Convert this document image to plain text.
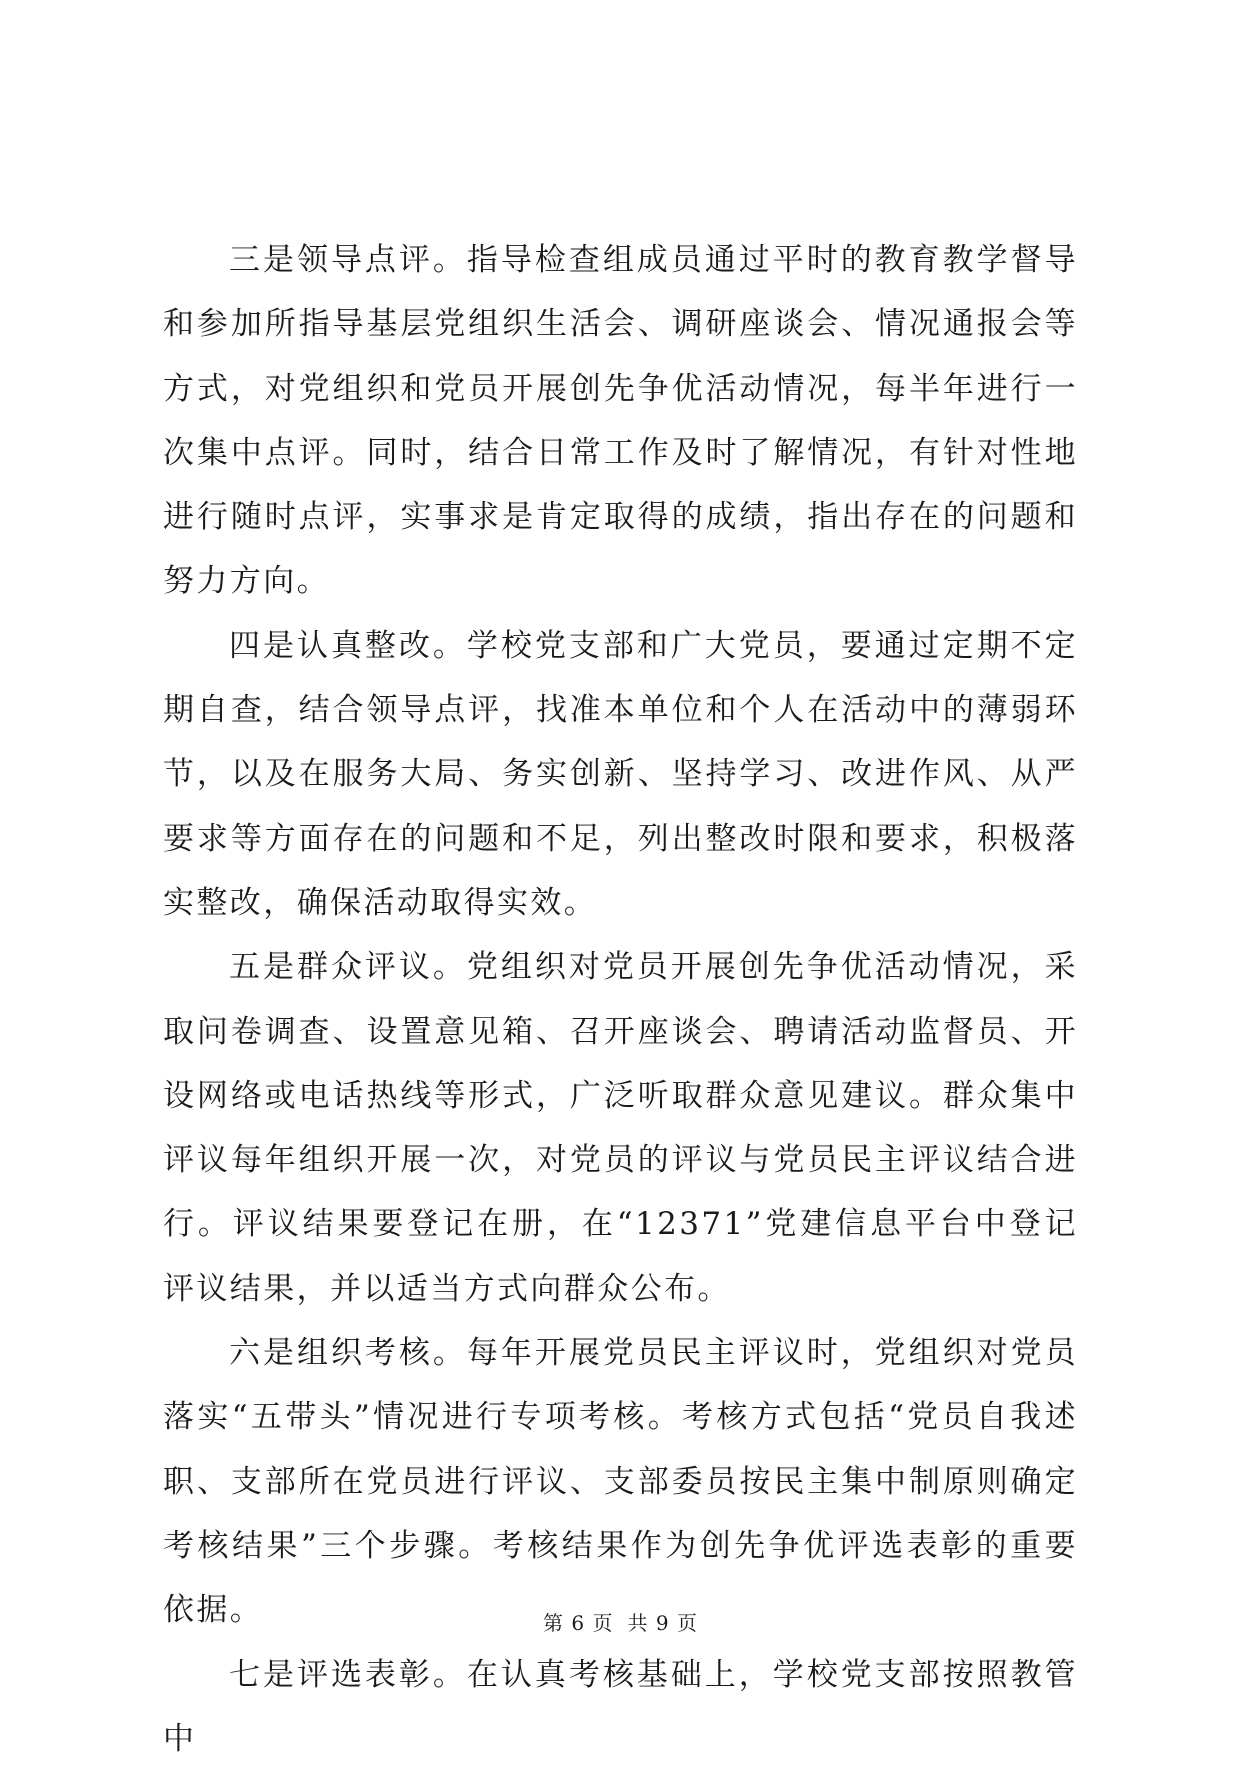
三是领导点评。指导检查组成员通过平时的教育教学督导和参加所指导基层党组织生活会、调研座谈会、情况通报会等方式，对党组织和党员开展创先争优活动情况，每半年进行一次集中点评。同时，结合日常工作及时了解情况，有针对性地进行随时点评，实事求是肯定取得的成绩，指出存在的问题和努力方向。

四是认真整改。学校党支部和广大党员，要通过定期不定期自查，结合领导点评，找准本单位和个人在活动中的薄弱环节，以及在服务大局、务实创新、坚持学习、改进作风、从严要求等方面存在的问题和不足，列出整改时限和要求，积极落实整改，确保活动取得实效。

五是群众评议。党组织对党员开展创先争优活动情况，采取问卷调查、设置意见箱、召开座谈会、聘请活动监督员、开设网络或电话热线等形式，广泛听取群众意见建议。群众集中评议每年组织开展一次，对党员的评议与党员民主评议结合进行。评议结果要登记在册，在“12371”党建信息平台中登记评议结果，并以适当方式向群众公布。

六是组织考核。每年开展党员民主评议时，党组织对党员落实“五带头”情况进行专项考核。考核方式包括“党员自我述职、支部所在党员进行评议、支部委员按民主集中制原则确定考核结果”三个步骤。考核结果作为创先争优评选表彰的重要依据。

七是评选表彰。在认真考核基础上，学校党支部按照教管中

第 6 页 共 9 页
